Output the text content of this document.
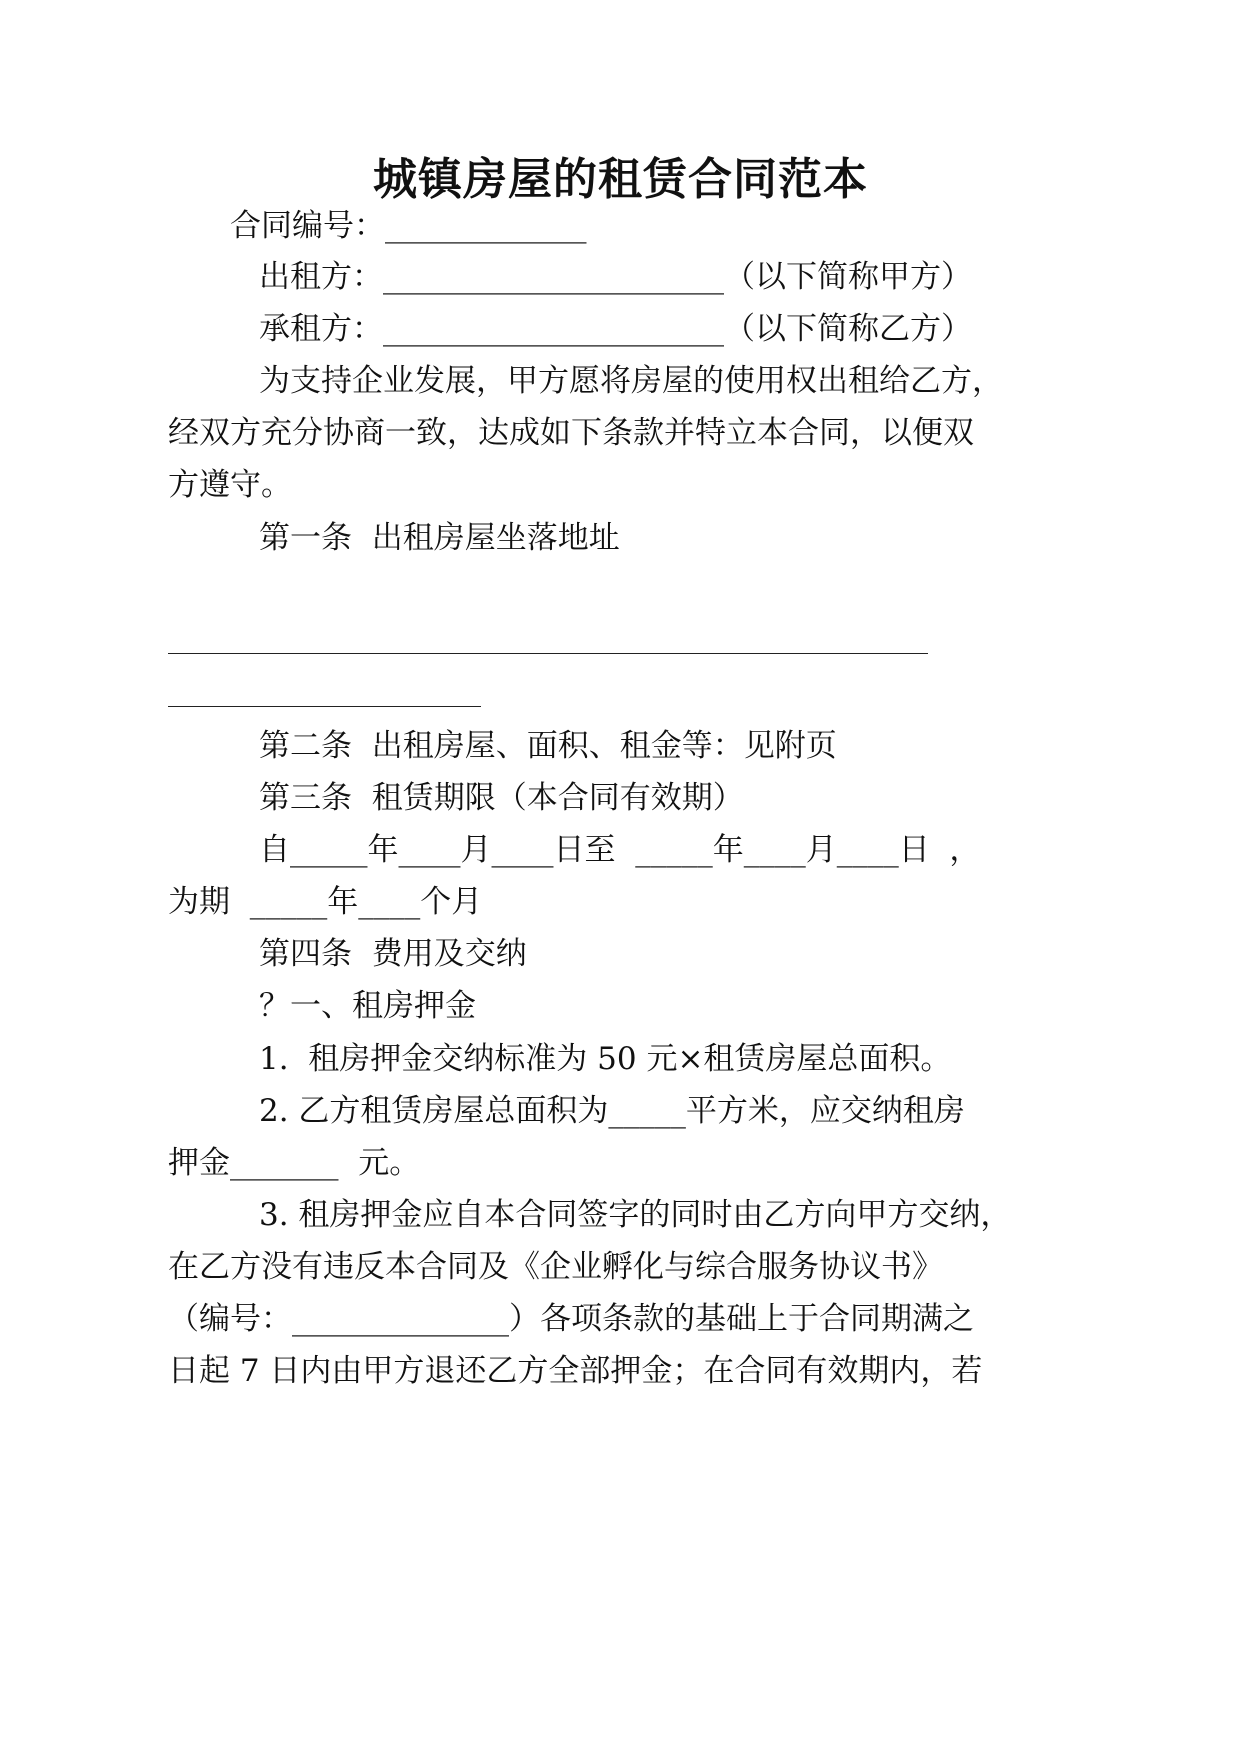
城镇房屋的租赁合同范本
合同编号：_____________
出租方：______________________（以下简称甲方）
承租方：______________________（以下简称乙方）
为支持企业发展，甲方愿将房屋的使用权出租给乙方，
经双方充分协商一致，达成如下条款并特立本合同，以便双
方遵守。
第一条  出租房屋坐落地址
第二条  出租房屋、面积、租金等：见附页
第三条  租赁期限（本合同有效期）
自_____年____月____日至  _____年____月____日  ，
为期  _____年____个月
第四条  费用及交纳
？一、租房押金
1.  租房押金交纳标准为 50 元×租赁房屋总面积。
2. 乙方租赁房屋总面积为_____平方米，应交纳租房
押金_______  元。
3. 租房押金应自本合同签字的同时由乙方向甲方交纳，
在乙方没有违反本合同及《企业孵化与综合服务协议书》
（编号：______________）各项条款的基础上于合同期满之
日起 7 日内由甲方退还乙方全部押金；在合同有效期内，若
